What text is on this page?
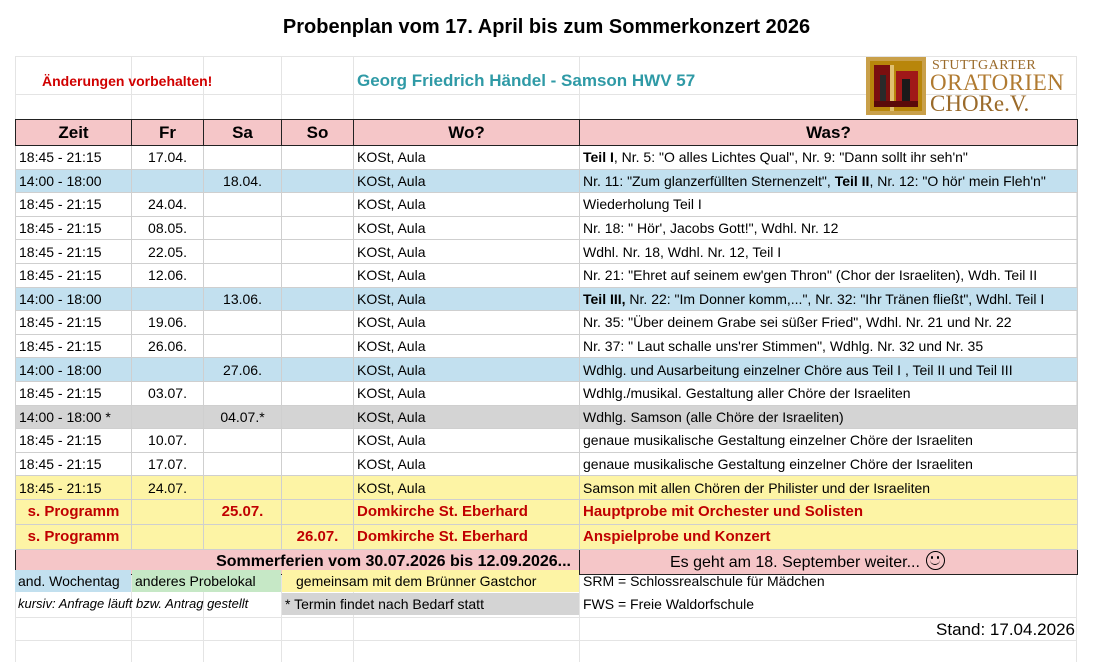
Probenplan vom 17. April bis zum Sommerkonzert 2026
Änderungen vorbehalten!	Georg Friedrich Händel - Samson HWV 57
STUTTGARTER
ORATORIEN
CHORe.V.
Zeit	Fr	Sa	So	Wo?	Was?
18:45 - 21:15	17.04.			KOSt, Aula	Teil I, Nr. 5: "O alles Lichtes Qual", Nr. 9: "Dann sollt ihr seh'n"
14:00 - 18:00		18.04.		KOSt, Aula	Nr. 11: "Zum glanzerfüllten Sternenzelt", Teil II, Nr. 12: "O hör' mein Fleh'n"
18:45 - 21:15	24.04.			KOSt, Aula	Wiederholung Teil I
18:45 - 21:15	08.05.			KOSt, Aula	Nr. 18: " Hör', Jacobs Gott!", Wdhl. Nr. 12
18:45 - 21:15	22.05.			KOSt, Aula	Wdhl. Nr. 18, Wdhl. Nr. 12, Teil I
18:45 - 21:15	12.06.			KOSt, Aula	Nr. 21: "Ehret auf seinem ew'gen Thron" (Chor der Israeliten), Wdh. Teil II
14:00 - 18:00		13.06.		KOSt, Aula	Teil III, Nr. 22: "Im Donner komm,...", Nr. 32: "Ihr Tränen fließt", Wdhl. Teil I
18:45 - 21:15	19.06.			KOSt, Aula	Nr. 35: "Über deinem Grabe sei süßer Fried", Wdhl. Nr. 21 und Nr. 22
18:45 - 21:15	26.06.			KOSt, Aula	Nr. 37: " Laut schalle uns'rer Stimmen", Wdhlg. Nr. 32 und Nr. 35
14:00 - 18:00		27.06.		KOSt, Aula	Wdhlg. und Ausarbeitung einzelner Chöre aus Teil I , Teil II und Teil III
18:45 - 21:15	03.07.			KOSt, Aula	Wdhlg./musikal. Gestaltung aller Chöre der Israeliten
14:00 - 18:00 *		04.07.*		KOSt, Aula	Wdhlg. Samson (alle Chöre der Israeliten)
18:45 - 21:15	10.07.			KOSt, Aula	genaue musikalische Gestaltung einzelner Chöre der Israeliten
18:45 - 21:15	17.07.			KOSt, Aula	genaue musikalische Gestaltung einzelner Chöre der Israeliten
18:45 - 21:15	24.07.			KOSt, Aula	Samson mit allen Chören der Philister und der Israeliten
s. Programm		25.07.		Domkirche St. Eberhard	Hauptprobe mit Orchester und Solisten
s. Programm			26.07.	Domkirche St. Eberhard	Anspielprobe und Konzert
Sommerferien vom 30.07.2026 bis 12.09.2026...					Es geht am 18. September weiter...
and. Wochentag	anderes Probelokal	gemeinsam mit dem Brünner Gastchor	SRM = Schlossrealschule für Mädchen
kursiv: Anfrage läuft bzw. Antrag gestellt	* Termin findet nach Bedarf statt	FWS = Freie Waldorfschule
Stand: 17.04.2026
